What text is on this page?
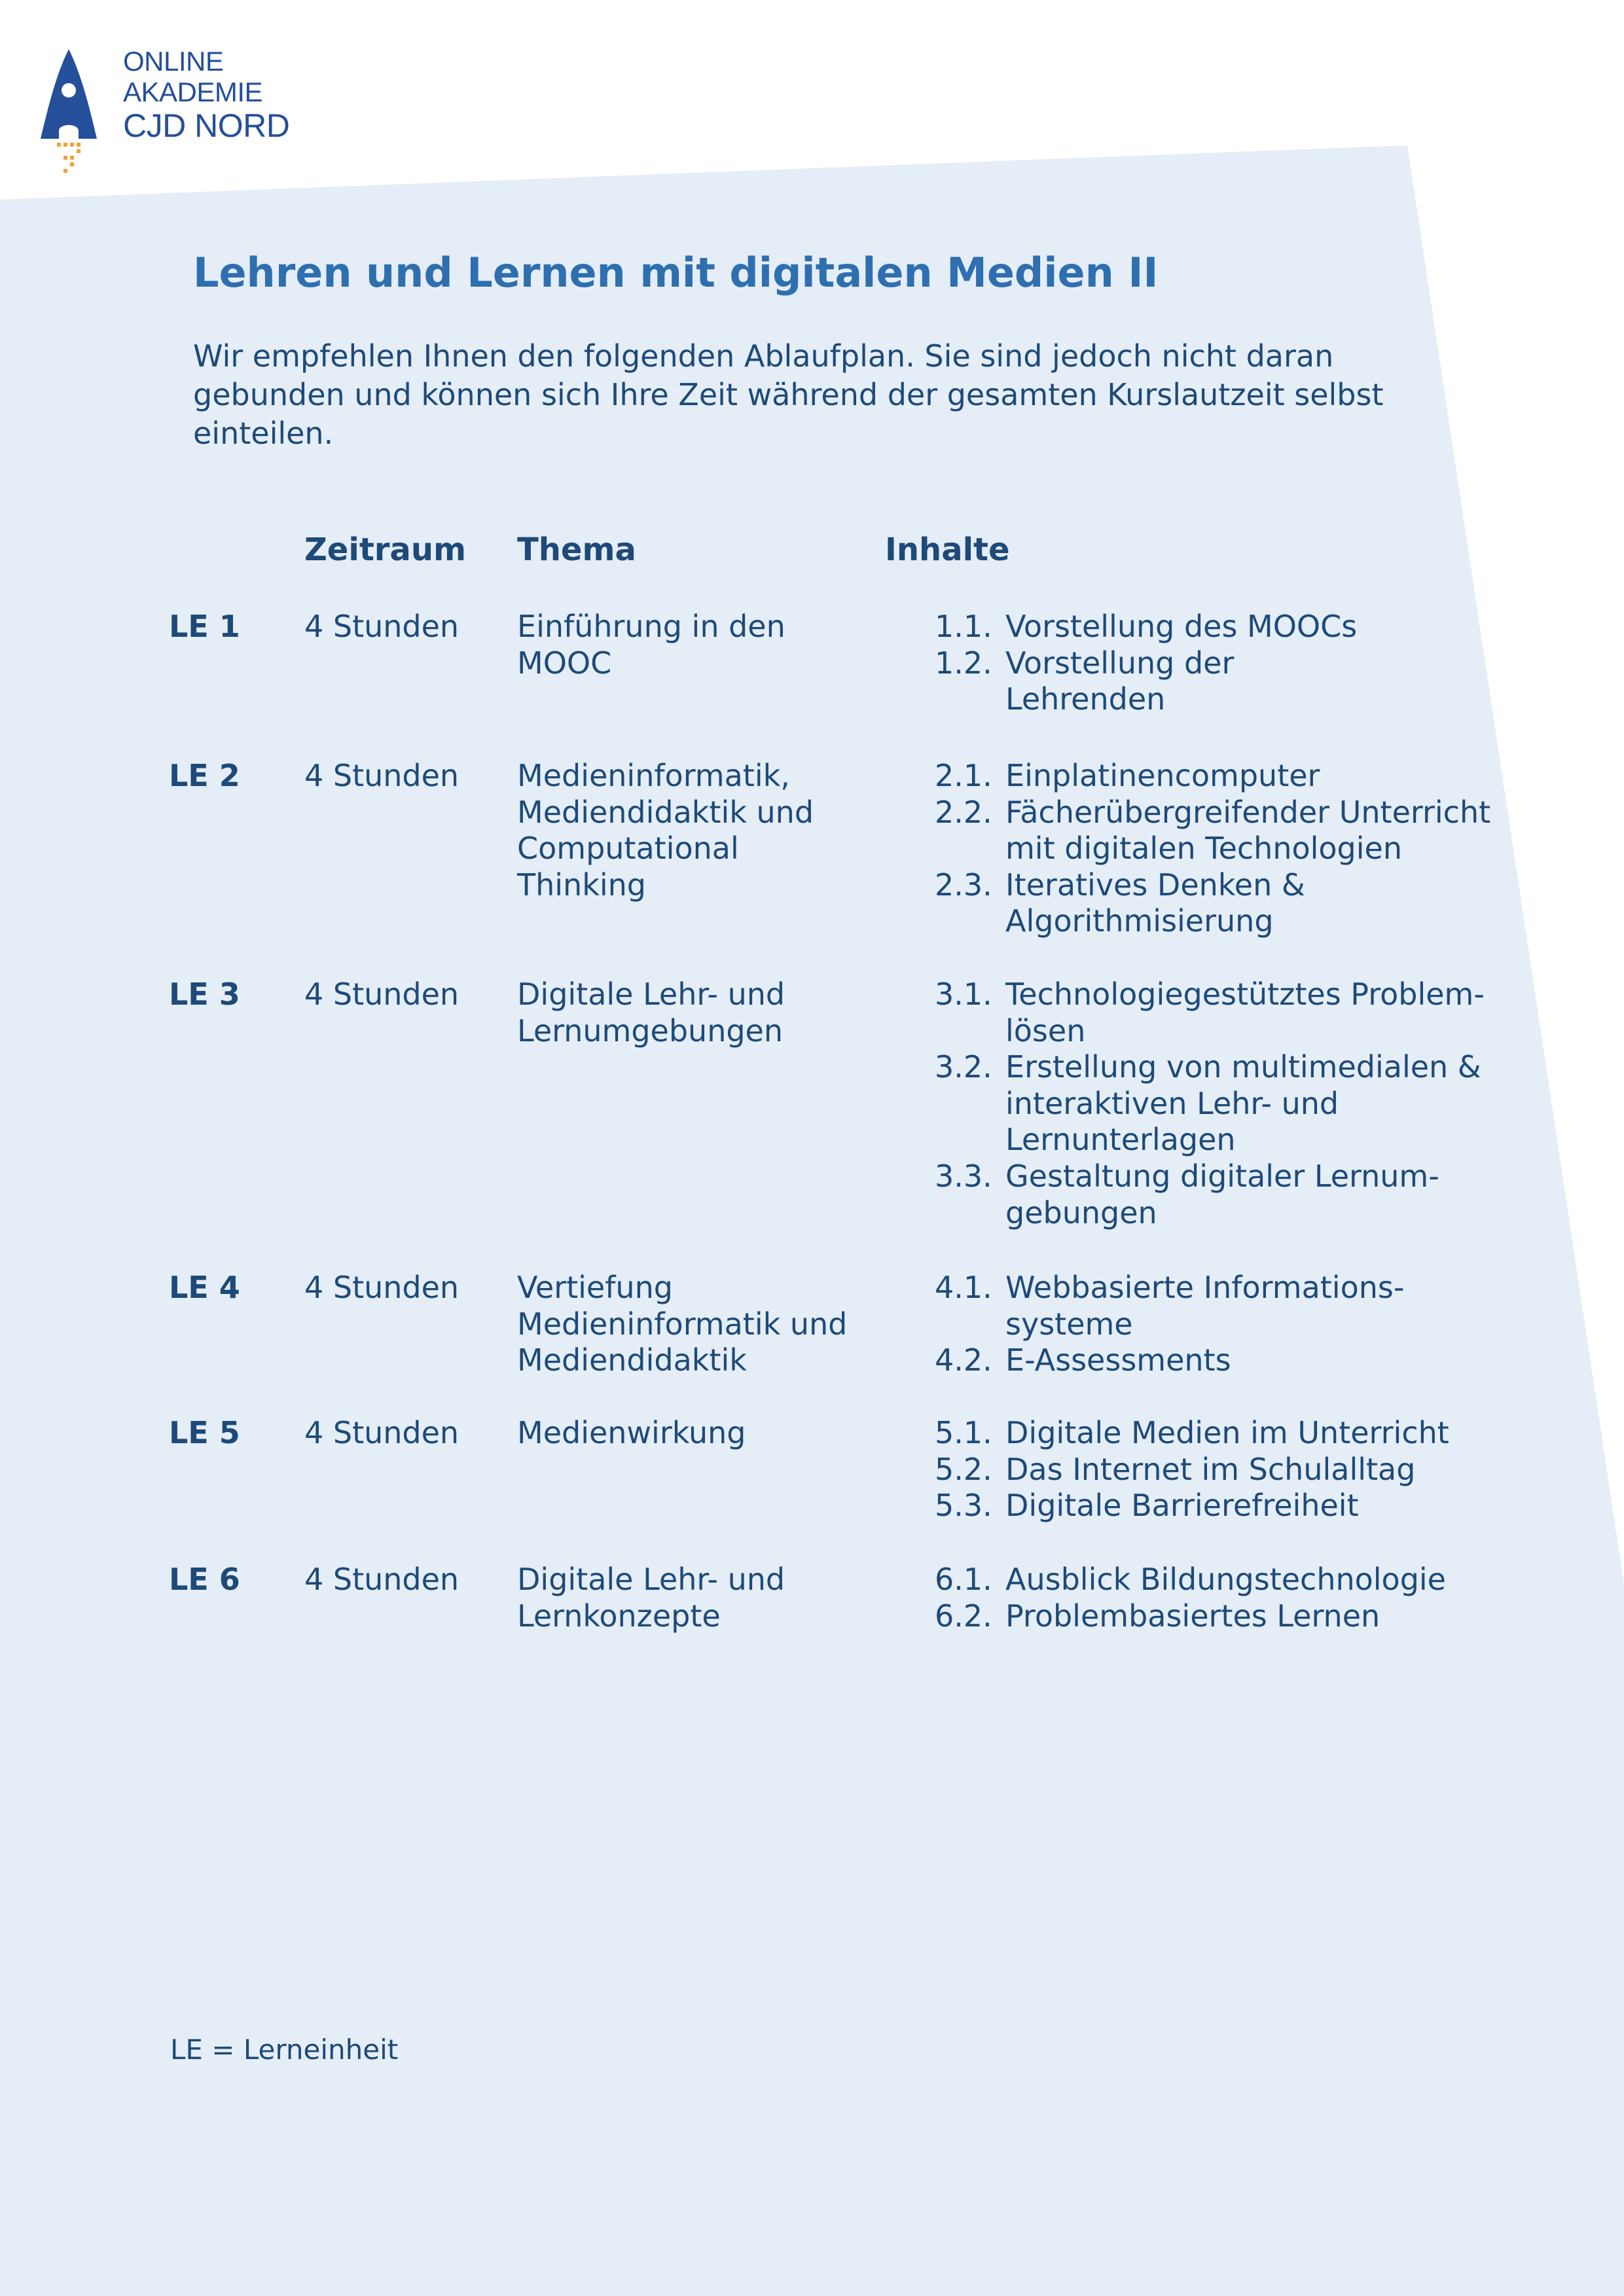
ONLINE
AKADEMIE
CJD NORD
Lehren und Lernen mit digitalen Medien II

Wir empfehlen Ihnen den folgenden Ablaufplan. Sie sind jedoch nicht daran gebunden und können sich Ihre Zeit während der gesamten Kurslautzeit selbst einteilen.

Zeitraum Thema	Inhalte
LE 1 4 Stunden Einführung in den
MOOC
1.1. Vorstellung des MOOCs
1.2. Vorstellung der
Lehrenden
LE 2 4 Stunden Medieninformatik,
Mediendidaktik und
Computational
Thinking
2.1. Einplatinencomputer
2.2. Fächerübergreifender Unterricht
mit digitalen Technologien
2.3. Iteratives Denken &
Algorithmisierung
LE 3 4 Stunden Digitale Lehr- und
Lernumgebungen
3.1. Technologiegestütztes Problem-
lösen
3.2. Erstellung von multimedialen &
interaktiven Lehr- und
Lernunterlagen
3.3. Gestaltung digitaler Lernum-
gebungen
LE 4 4 Stunden Vertiefung
Medieninformatik und
Mediendidaktik
4.1. Webbasierte Informations-
systeme
4.2. E-Assessments
LE 5 4 Stunden Medienwirkung	5.1. Digitale Medien im Unterricht
5.2. Das Internet im Schulalltag
5.3. Digitale Barrierefreiheit
LE 6 4 Stunden Digitale Lehr- und
Lernkonzepte
6.1. Ausblick Bildungstechnologie
6.2. Problembasiertes Lernen
LE = Lerneinheit
